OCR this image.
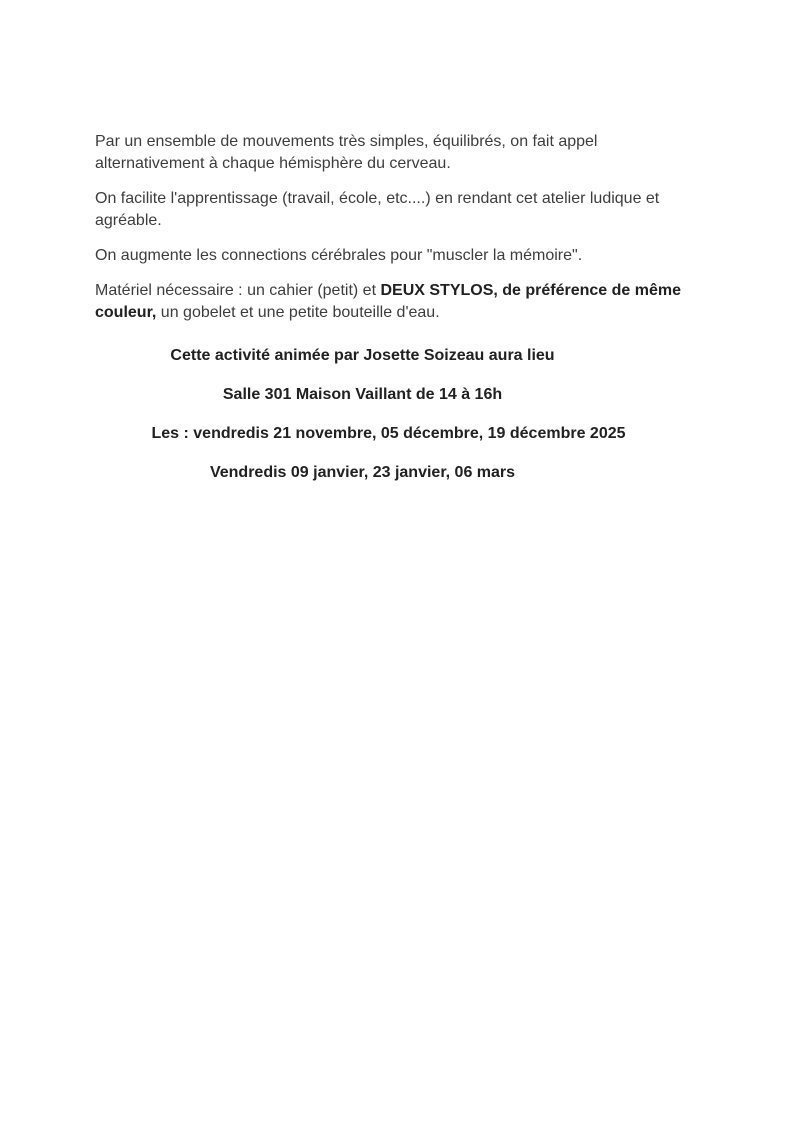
Par un ensemble de mouvements très simples, équilibrés, on fait appel alternativement à chaque hémisphère du cerveau.

On facilite l'apprentissage (travail, école, etc....) en rendant cet atelier ludique et agréable.

On augmente les connections cérébrales pour "muscler la mémoire".

Matériel nécessaire : un cahier (petit) et DEUX STYLOS, de préférence de même couleur, un gobelet et une petite bouteille d'eau.

Cette activité animée par Josette Soizeau aura lieu

Salle 301 Maison Vaillant de 14 à 16h

Les : vendredis 21 novembre, 05 décembre, 19 décembre 2025

Vendredis 09 janvier, 23 janvier, 06 mars
